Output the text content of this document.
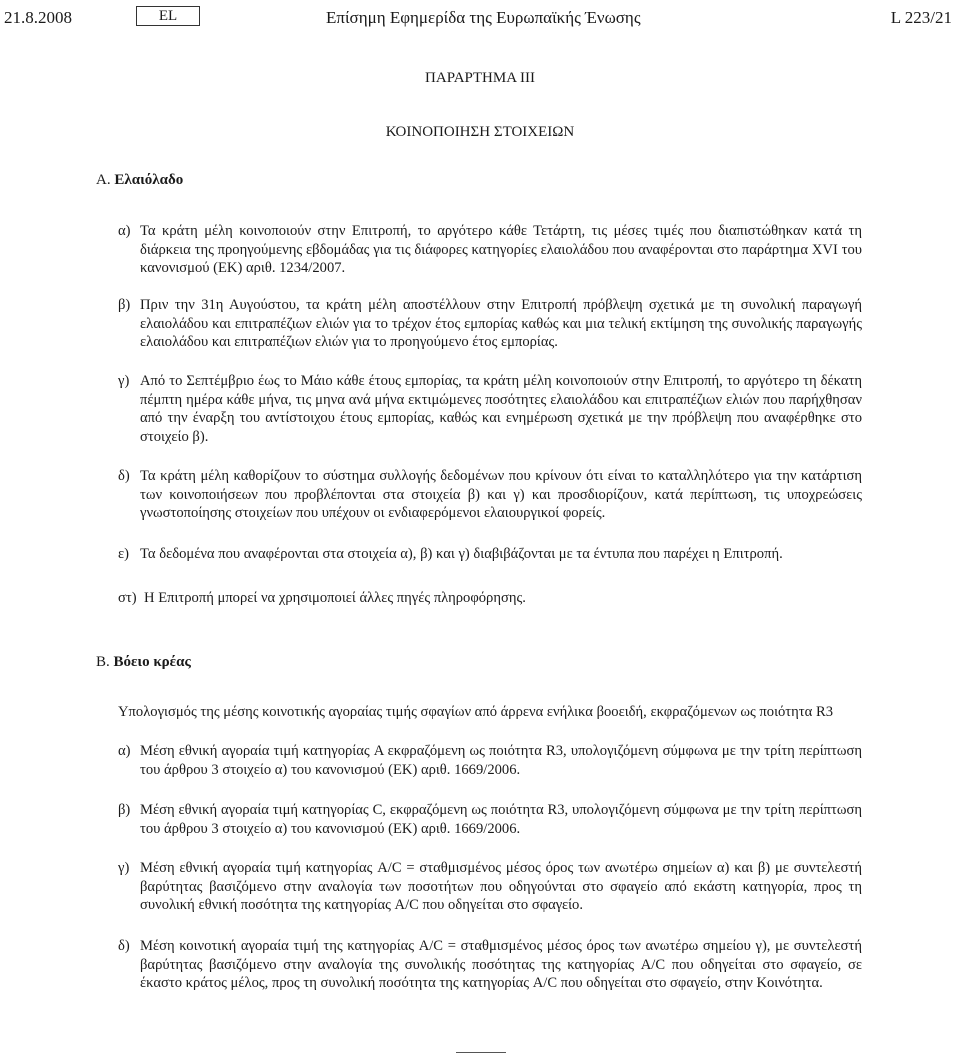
21.8.2008	EL	Επίσημη Εφημερίδα της Ευρωπαϊκής Ένωσης	L 223/21
ΠΑΡΑΡΤΗΜΑ III
ΚΟΙΝΟΠΟΙΗΣΗ ΣΤΟΙΧΕΙΩΝ
A. Ελαιόλαδο
α) Τα κράτη μέλη κοινοποιούν στην Επιτροπή, το αργότερο κάθε Τετάρτη, τις μέσες τιμές που διαπιστώθηκαν κατά τη διάρκεια της προηγούμενης εβδομάδας για τις διάφορες κατηγορίες ελαιολάδου που αναφέρονται στο παράρτημα XVI του κανονισμού (ΕΚ) αριθ. 1234/2007.
β) Πριν την 31η Αυγούστου, τα κράτη μέλη αποστέλλουν στην Επιτροπή πρόβλεψη σχετικά με τη συνολική παραγωγή ελαιολάδου και επιτραπέζιων ελιών για το τρέχον έτος εμπορίας καθώς και μια τελική εκτίμηση της συνολικής παραγωγής ελαιολάδου και επιτραπέζιων ελιών για το προηγούμενο έτος εμπορίας.
γ) Από το Σεπτέμβριο έως το Μάιο κάθε έτους εμπορίας, τα κράτη μέλη κοινοποιούν στην Επιτροπή, το αργότερο τη δέκατη πέμπτη ημέρα κάθε μήνα, τις μηνα ανά μήνα εκτιμώμενες ποσότητες ελαιολάδου και επιτραπέζιων ελιών που παρήχθησαν από την έναρξη του αντίστοιχου έτους εμπορίας, καθώς και ενημέρωση σχετικά με την πρόβλεψη που αναφέρθηκε στο στοιχείο β).
δ) Τα κράτη μέλη καθορίζουν το σύστημα συλλογής δεδομένων που κρίνουν ότι είναι το καταλληλότερο για την κατάρτιση των κοινοποιήσεων που προβλέπονται στα στοιχεία β) και γ) και προσδιορίζουν, κατά περίπτωση, τις υποχρεώσεις γνωστοποίησης στοιχείων που υπέχουν οι ενδιαφερόμενοι ελαιουργικοί φορείς.
ε) Τα δεδομένα που αναφέρονται στα στοιχεία α), β) και γ) διαβιβάζονται με τα έντυπα που παρέχει η Επιτροπή.
στ) Η Επιτροπή μπορεί να χρησιμοποιεί άλλες πηγές πληροφόρησης.
B. Βόειο κρέας
Υπολογισμός της μέσης κοινοτικής αγοραίας τιμής σφαγίων από άρρενα ενήλικα βοοειδή, εκφραζόμενων ως ποιότητα R3
α) Μέση εθνική αγοραία τιμή κατηγορίας A εκφραζόμενη ως ποιότητα R3, υπολογιζόμενη σύμφωνα με την τρίτη περίπτωση του άρθρου 3 στοιχείο α) του κανονισμού (ΕΚ) αριθ. 1669/2006.
β) Μέση εθνική αγοραία τιμή κατηγορίας C, εκφραζόμενη ως ποιότητα R3, υπολογιζόμενη σύμφωνα με την τρίτη περίπτωση του άρθρου 3 στοιχείο α) του κανονισμού (ΕΚ) αριθ. 1669/2006.
γ) Μέση εθνική αγοραία τιμή κατηγορίας A/C = σταθμισμένος μέσος όρος των ανωτέρω σημείων α) και β) με συντελεστή βαρύτητας βασιζόμενο στην αναλογία των ποσοτήτων που οδηγούνται στο σφαγείο από εκάστη κατηγορία, προς τη συνολική εθνική ποσότητα της κατηγορίας A/C που οδηγείται στο σφαγείο.
δ) Μέση κοινοτική αγοραία τιμή της κατηγορίας A/C = σταθμισμένος μέσος όρος των ανωτέρω σημείου γ), με συντελεστή βαρύτητας βασιζόμενο στην αναλογία της συνολικής ποσότητας της κατηγορίας A/C που οδηγείται στο σφαγείο, σε έκαστο κράτος μέλος, προς τη συνολική ποσότητα της κατηγορίας A/C που οδηγείται στο σφαγείο, στην Κοινότητα.
